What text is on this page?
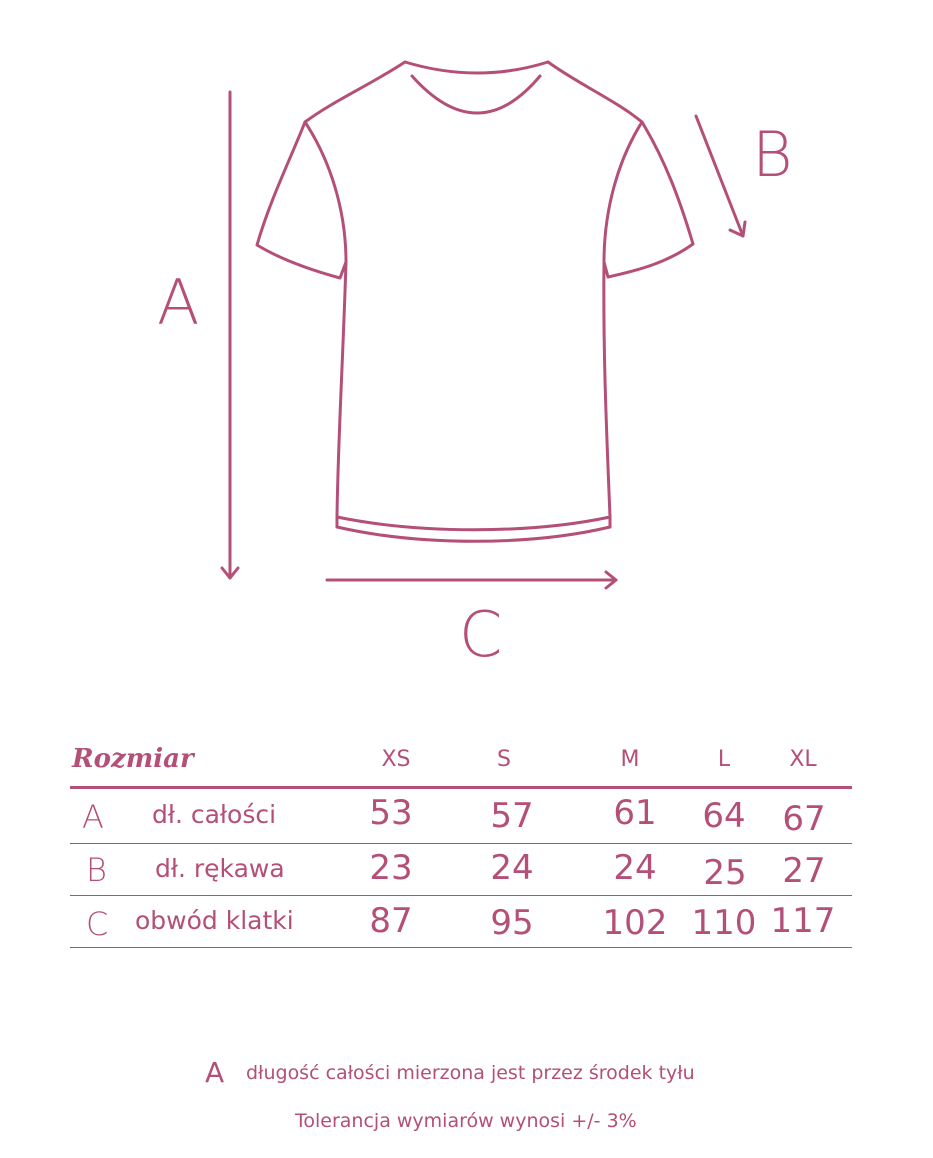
A
B
C
Rozmiar	XS	S	M	L	XL
A dł. całości	53 57 61 64 67
B dł. rękawa 23 24 24 25 27
C obwód klatki 87 95 102 110 117
A długość całości mierzona jest przez środek tyłu
Tolerancja wymiarów wynosi +/- 3%
